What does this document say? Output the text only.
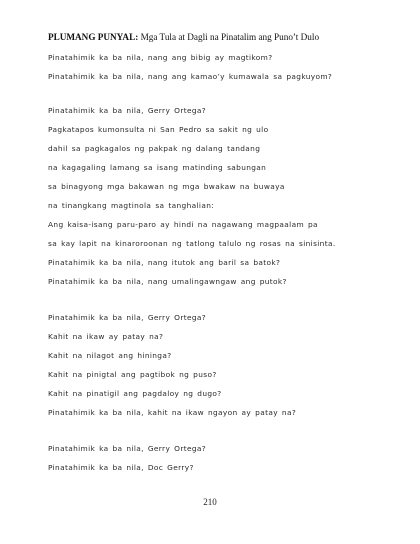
PLUMANG PUNYAL: Mga Tula at Dagli na Pinatalim ang Puno’t Dulo
Pinatahimik ka ba nila, nang ang bibig ay magtikom?
Pinatahimik ka ba nila, nang ang kamao’y kumawala sa pagkuyom?
Pinatahimik ka ba nila, Gerry Ortega?
Pagkatapos kumonsulta ni San Pedro sa sakit ng ulo
dahil sa pagkagalos ng pakpak ng dalang tandang
na kagagaling lamang sa isang matinding sabungan
sa binagyong mga bakawan ng mga bwakaw na buwaya
na tinangkang magtinola sa tanghalian:
Ang kaisa-isang paru-paro ay hindi na nagawang magpaalam pa
sa kay lapit na kinaroroonan ng tatlong talulo ng rosas na sinisinta.
Pinatahimik ka ba nila, nang itutok ang baril sa batok?
Pinatahimik ka ba nila, nang umalingawngaw ang putok?
Pinatahimik ka ba nila, Gerry Ortega?
Kahit na ikaw ay patay na?
Kahit na nilagot ang hininga?
Kahit na pinigtal ang pagtibok ng puso?
Kahit na pinatigil ang pagdaloy ng dugo?
Pinatahimik ka ba nila, kahit na ikaw ngayon ay patay na?
Pinatahimik ka ba nila, Gerry Ortega?
Pinatahimik ka ba nila, Doc Gerry?
210
